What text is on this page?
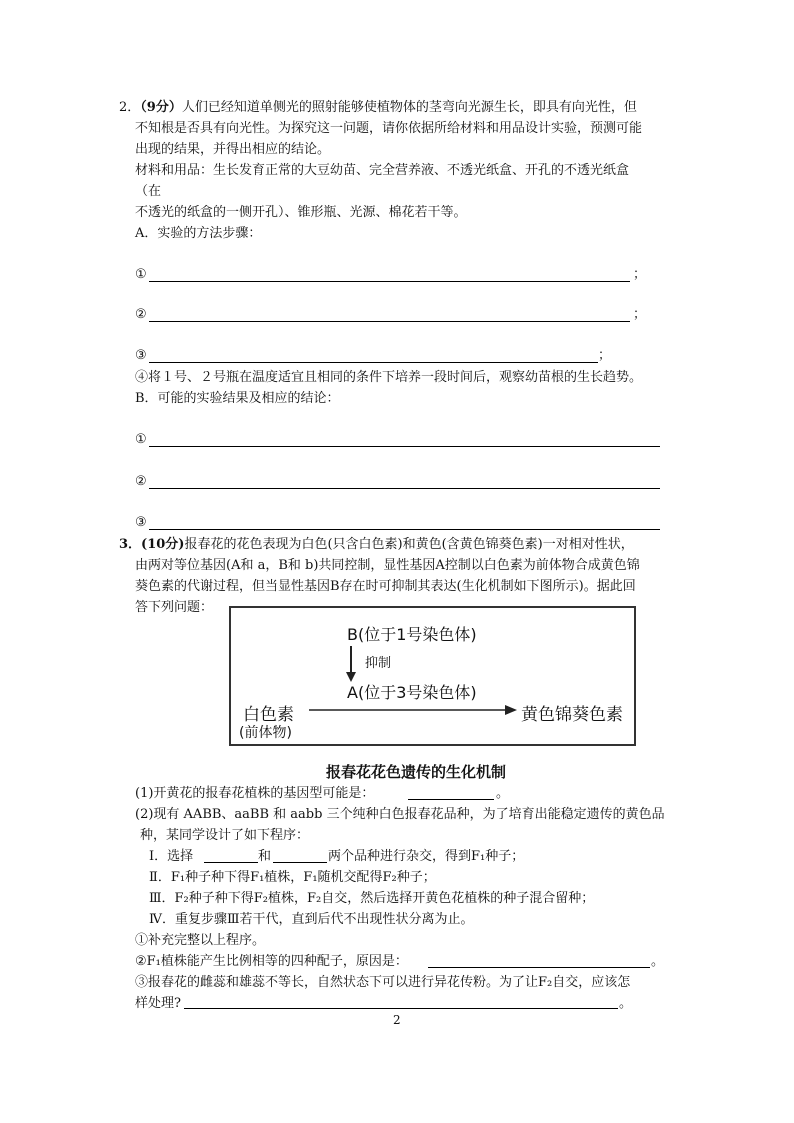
2．（9分）人们已经知道单侧光的照射能够使植物体的茎弯向光源生长，即具有向光性，但
不知根是否具有向光性。为探究这一问题，请你依据所给材料和用品设计实验，预测可能
出现的结果，并得出相应的结论。
材料和用品：生长发育正常的大豆幼苗、完全营养液、不透光纸盒、开孔的不透光纸盒
（在
不透光的纸盒的一侧开孔）、锥形瓶、光源、棉花若干等。
A．实验的方法步骤：
①	；
②	；
③	；
④将１号、２号瓶在温度适宜且相同的条件下培养一段时间后，观察幼苗根的生长趋势。
B．可能的实验结果及相应的结论：
①
②
③
3．(10分)报春花的花色表现为白色(只含白色素)和黄色(含黄色锦葵色素)一对相对性状，
由两对等位基因(A和 a，B和 b)共同控制，显性基因A控制以白色素为前体物合成黄色锦
葵色素的代谢过程，但当显性基因B存在时可抑制其表达(生化机制如下图所示)。据此回
答下列问题：
B(位于1号染色体)
抑制
A(位于3号染色体)
白色素	黄色锦葵色素
(前体物)
报春花花色遗传的生化机制
(1)开黄花的报春花植株的基因型可能是：	。
(2)现有 AABB、aaBB 和 aabb 三个纯种白色报春花品种，为了培育出能稳定遗传的黄色品
种，某同学设计了如下程序：
Ⅰ．选择	和	两个品种进行杂交，得到F₁种子；
Ⅱ．F₁种子种下得F₁植株，F₁随机交配得F₂种子；
Ⅲ．F₂种子种下得F₂植株，F₂自交，然后选择开黄色花植株的种子混合留种；
Ⅳ．重复步骤Ⅲ若干代，直到后代不出现性状分离为止。
①补充完整以上程序。
②F₁植株能产生比例相等的四种配子，原因是：	。
③报春花的雌蕊和雄蕊不等长，自然状态下可以进行异花传粉。为了让F₂自交，应该怎
样处理?	。
2
